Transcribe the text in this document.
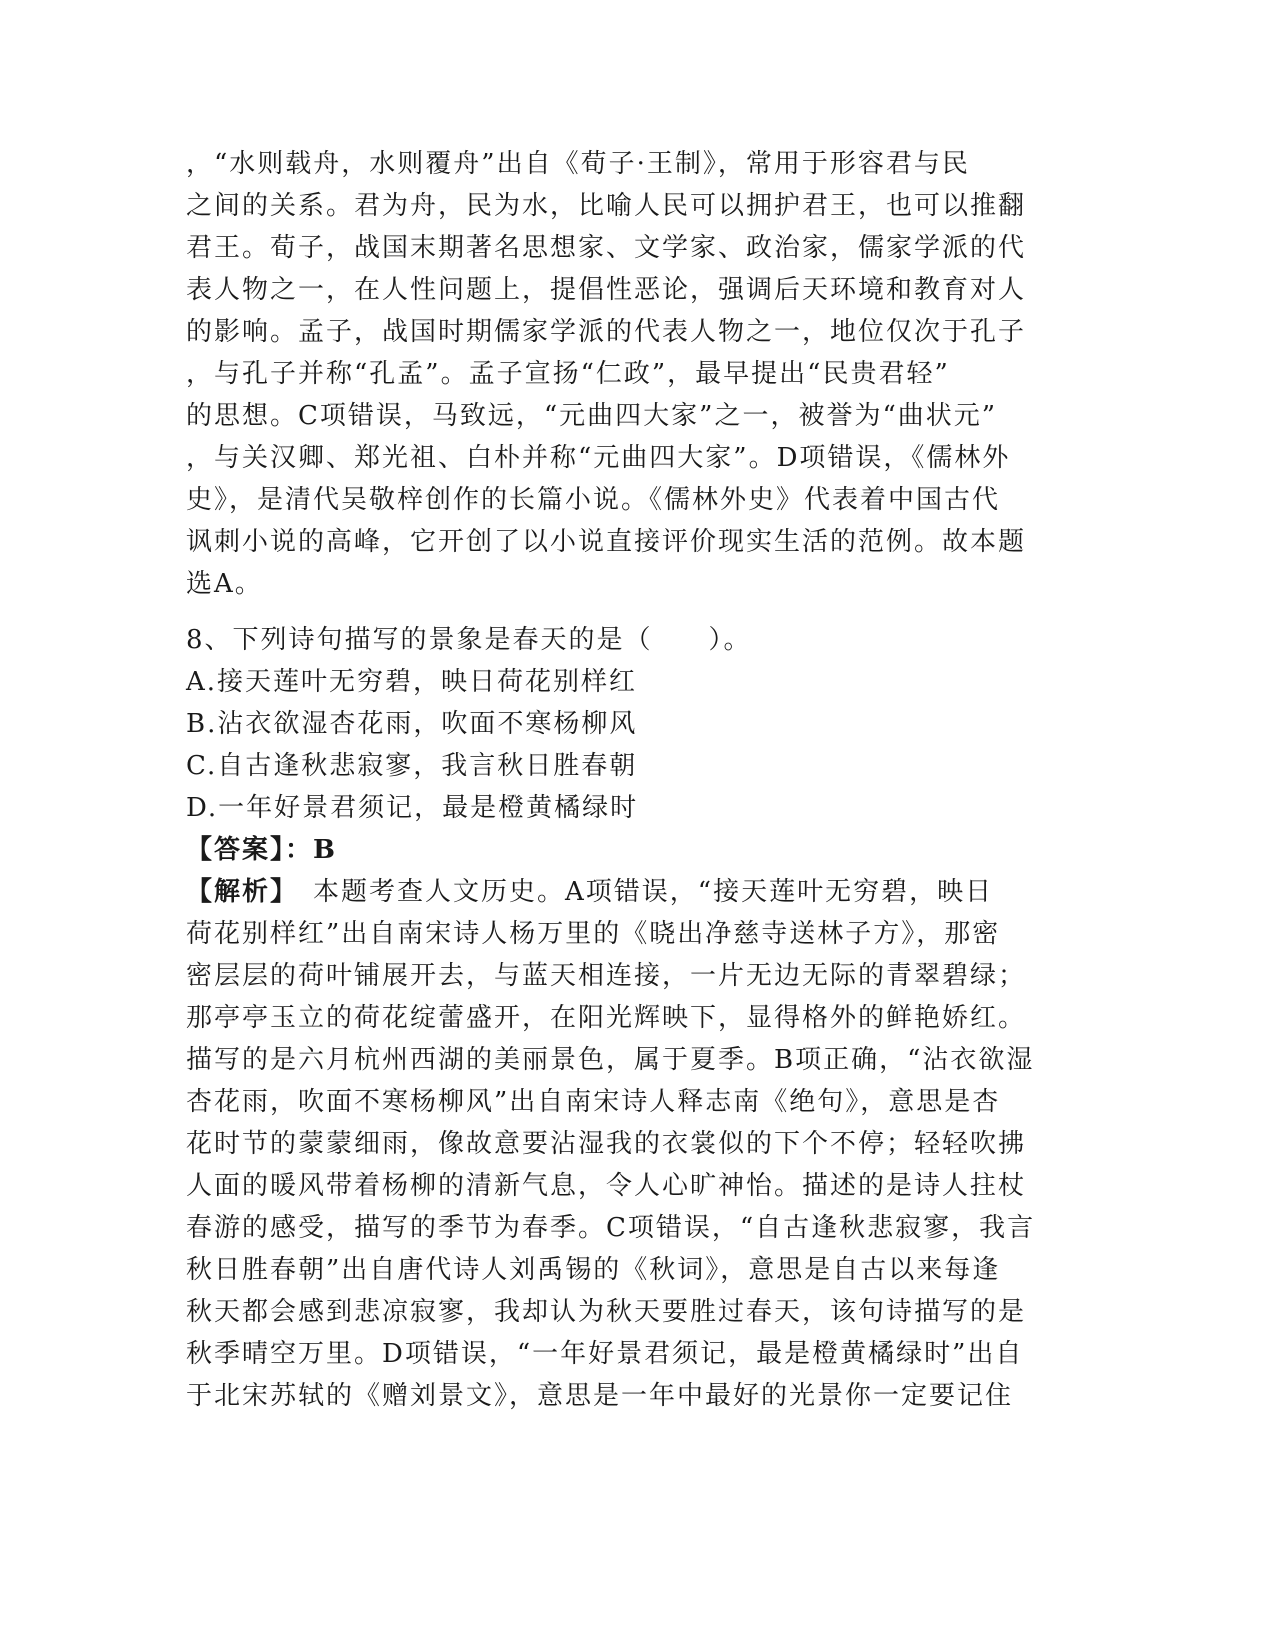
，“水则载舟，水则覆舟”出自《荀子·王制》，常用于形容君与民
之间的关系。君为舟，民为水，比喻人民可以拥护君王，也可以推翻
君王。荀子，战国末期著名思想家、文学家、政治家，儒家学派的代
表人物之一，在人性问题上，提倡性恶论，强调后天环境和教育对人
的影响。孟子，战国时期儒家学派的代表人物之一，地位仅次于孔子
，与孔子并称“孔孟”。孟子宣扬“仁政”，最早提出“民贵君轻”
的思想。C项错误，马致远，“元曲四大家”之一，被誉为“曲状元”
，与关汉卿、郑光祖、白朴并称“元曲四大家”。D项错误，《儒林外
史》，是清代吴敬梓创作的长篇小说。《儒林外史》代表着中国古代
讽刺小说的高峰，它开创了以小说直接评价现实生活的范例。故本题
选A。
8、下列诗句描写的景象是春天的是（　　）。
A.接天莲叶无穷碧，映日荷花别样红
B.沾衣欲湿杏花雨，吹面不寒杨柳风
C.自古逢秋悲寂寥，我言秋日胜春朝
D.一年好景君须记，最是橙黄橘绿时
【答案】：B
【解析】　本题考查人文历史。A项错误，“接天莲叶无穷碧，映日
荷花别样红”出自南宋诗人杨万里的《晓出净慈寺送林子方》，那密
密层层的荷叶铺展开去，与蓝天相连接，一片无边无际的青翠碧绿；
那亭亭玉立的荷花绽蕾盛开，在阳光辉映下，显得格外的鲜艳娇红。
描写的是六月杭州西湖的美丽景色，属于夏季。B项正确，“沾衣欲湿
杏花雨，吹面不寒杨柳风”出自南宋诗人释志南《绝句》，意思是杏
花时节的蒙蒙细雨，像故意要沾湿我的衣裳似的下个不停；轻轻吹拂
人面的暖风带着杨柳的清新气息，令人心旷神怡。描述的是诗人拄杖
春游的感受，描写的季节为春季。C项错误，“自古逢秋悲寂寥，我言
秋日胜春朝”出自唐代诗人刘禹锡的《秋词》，意思是自古以来每逢
秋天都会感到悲凉寂寥，我却认为秋天要胜过春天，该句诗描写的是
秋季晴空万里。D项错误，“一年好景君须记，最是橙黄橘绿时”出自
于北宋苏轼的《赠刘景文》，意思是一年中最好的光景你一定要记住
